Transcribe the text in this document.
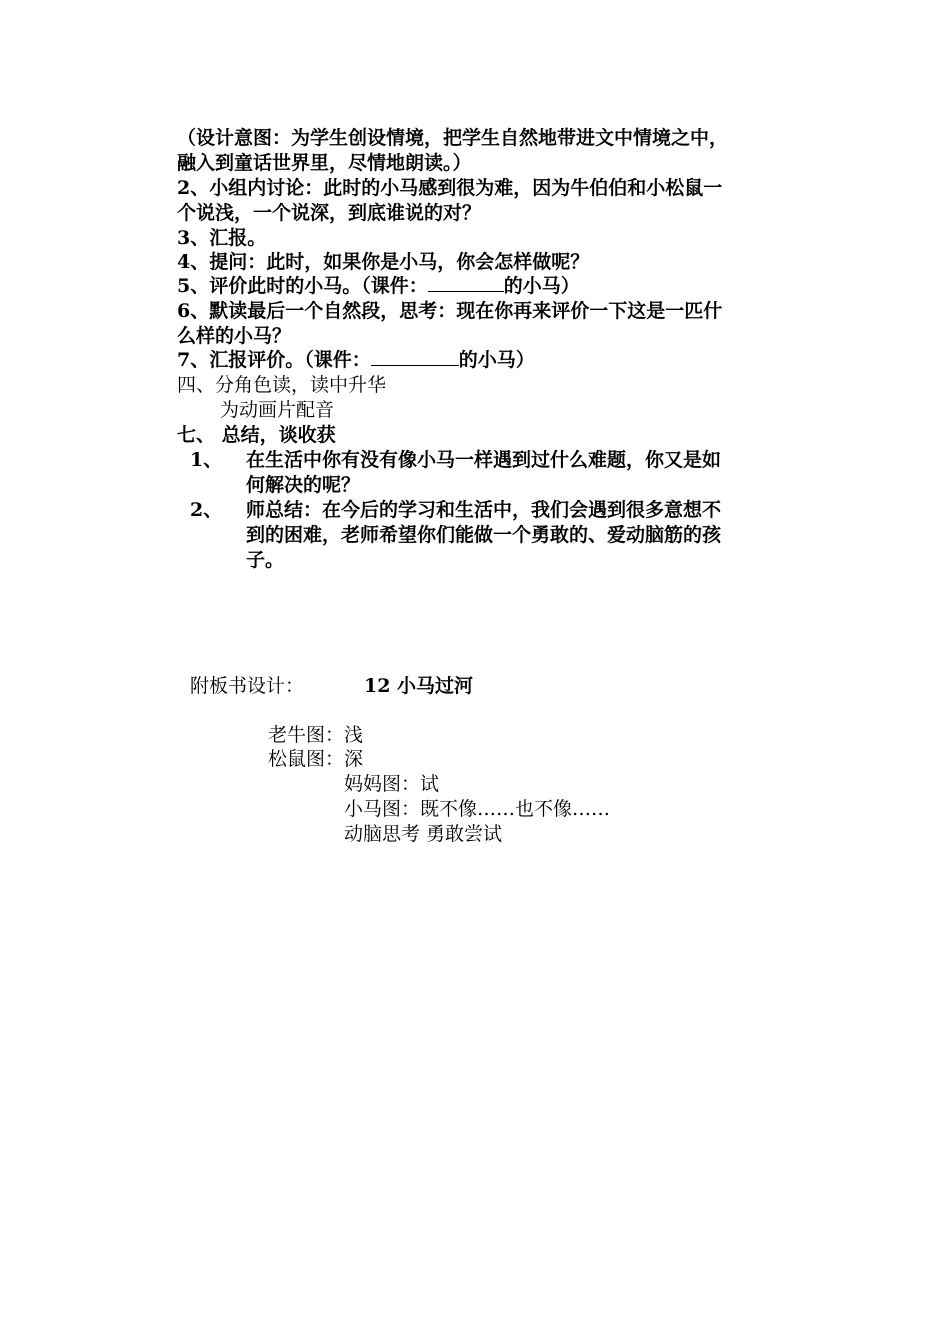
（设计意图：为学生创设情境，把学生自然地带进文中情境之中，
融入到童话世界里，尽情地朗读。）
2、小组内讨论：此时的小马感到很为难，因为牛伯伯和小松鼠一
个说浅，一个说深，到底谁说的对？
3、汇报。
4、提问：此时，如果你是小马，你会怎样做呢？
5、评价此时的小马。（课件：	的小马）
6、默读最后一个自然段，思考：现在你再来评价一下这是一匹什
么样的小马？
7、汇报评价。（课件：	的小马）
四、分角色读，读中升华
为动画片配音
七、 总结，谈收获
1、 在生活中你有没有像小马一样遇到过什么难题，你又是如
何解决的呢？
2、 师总结：在今后的学习和生活中，我们会遇到很多意想不
到的困难，老师希望你们能做一个勇敢的、爱动脑筋的孩
子。
附板书设计：	12 小马过河
老牛图：浅
松鼠图：深
妈妈图：试
小马图：既不像……也不像……
动脑思考 勇敢尝试
